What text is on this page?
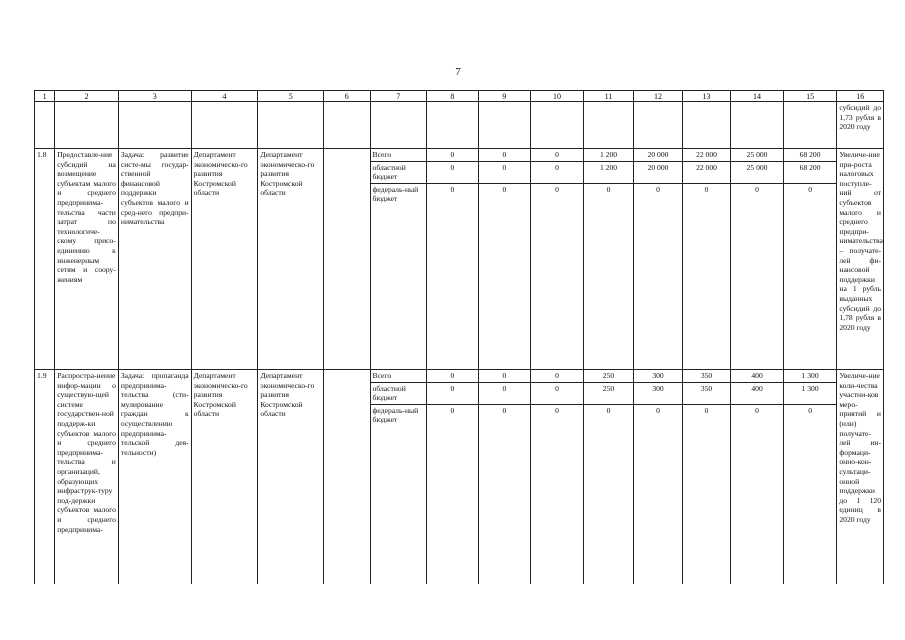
7
1	2	3	4	5	6	7	8	9	10	11	12	13	14	15	16
															субсидий до 1,73 рубля в 2020 году
1.8	Предоставле-ние субсидий на возмещение субъектам малого и среднего предпринима-тельства части затрат по технологиче-скому присо-единению к инженерным сетям и соору-жениям	Задача: развитие систе-мы государ-ственной финансовой поддержки субъектов малого и сред-него предпри-нимательства	Департамент экономическо-го развития Костромской области	Департамент экономическо-го развития Костромской области		Всего	0	0	0	1 200	20 000	22 000	25 000	68 200	Увеличе-ние при-роста налоговых поступле-ний от субъектов малого и среднего предпри-нимательства – получате-лей фи-нансовой поддержки на 1 рубль выданных субсидий до 1,78 рубля в 2020 году
						областной бюджет	0	0	0	1 200	20 000	22 000	25 000	68 200	
						федераль-ный бюджет	0	0	0	0	0	0	0	0	
1.9	Распростра-нение инфор-мации о существую-щей системе государствен-ной поддерж-ки субъектов малого и среднего предпринима-тельства и организаций, образующих инфраструк-туру под-держки субъектов малого и среднего предпринима-	Задача: пропаганда предпринима-тельства (сти-мулирование граждан к осуществлению предпринима-тельской дея-тельности)	Департамент экономическо-го развития Костромской области	Департамент экономическо-го развития Костромской области		Всего	0	0	0	250	300	350	400	1 300	Увеличе-ние коли-чества участни-ков меро-приятий и (или) получате-лей ин-формаци-онно-кон-сультаци-онной поддержки до 1 120 единиц в 2020 году
						областной бюджет	0	0	0	250	300	350	400	1 300	
						федераль-ный бюджет	0	0	0	0	0	0	0	0	
